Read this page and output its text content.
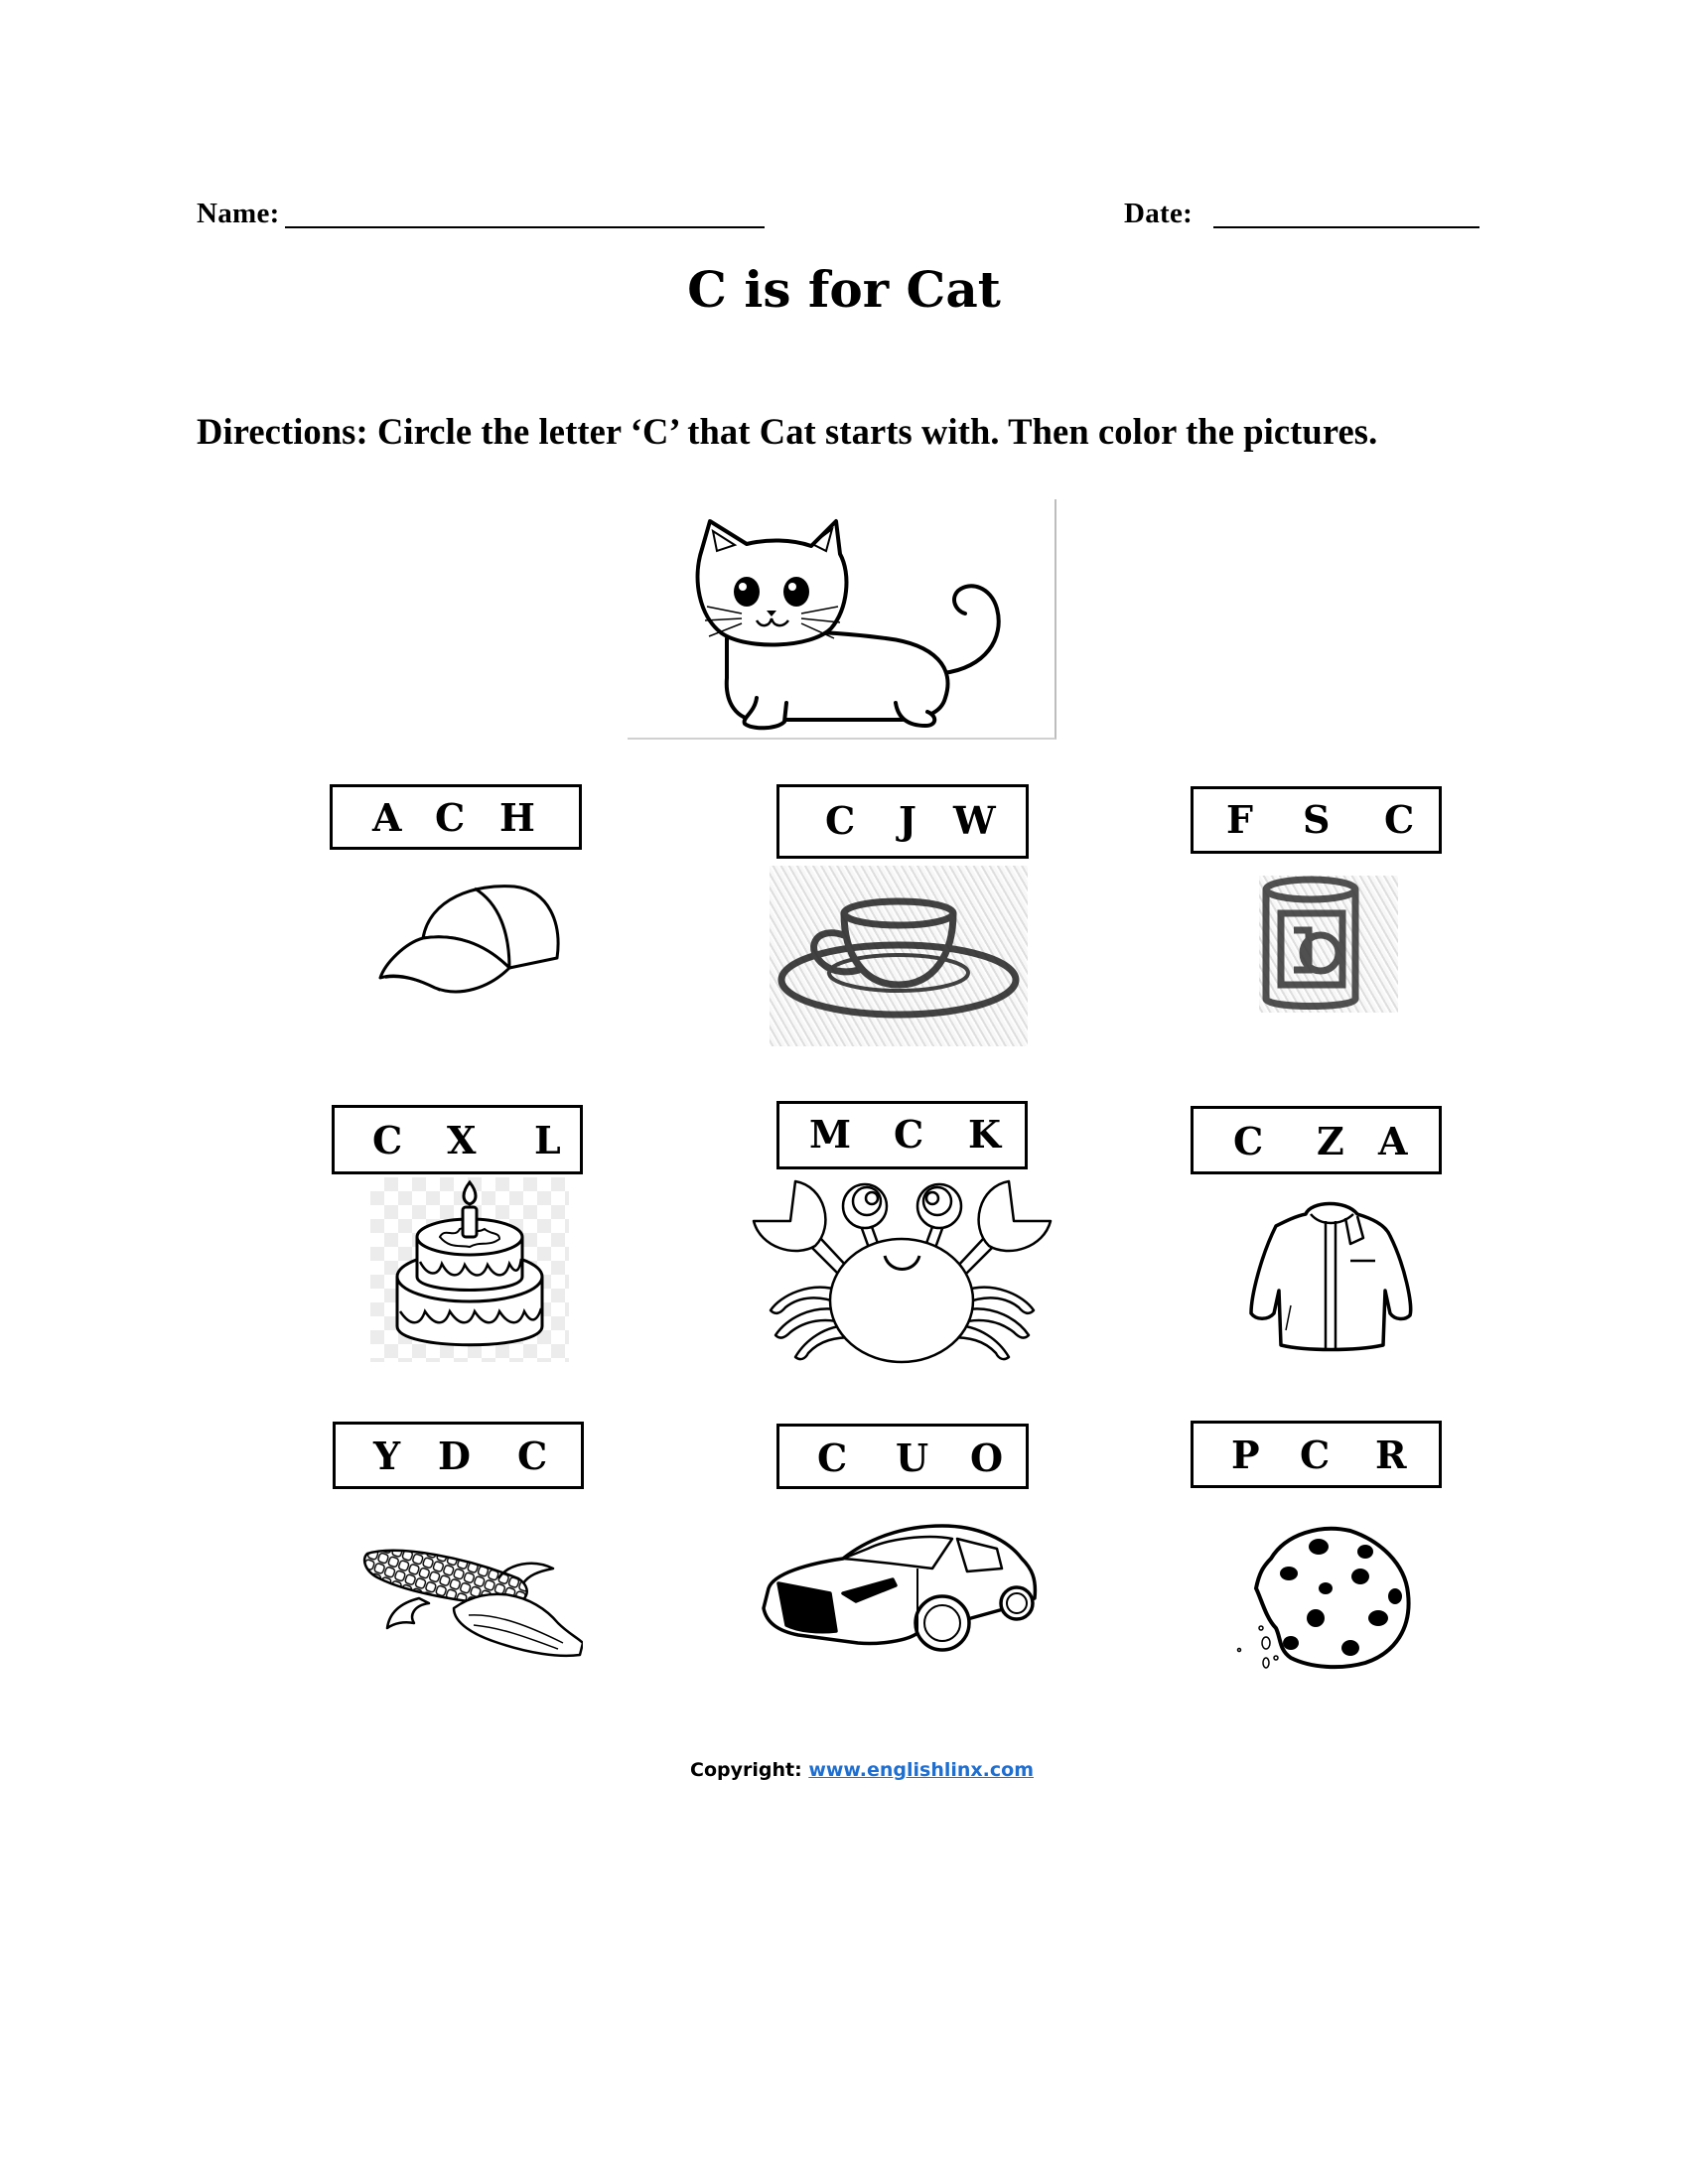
Name:	Date:
C is for Cat
Directions: Circle the letter ‘C’ that Cat starts with. Then color the pictures.
A C H	C J W	F S C
C X L	M C K	C Z A
Y D C	C U O	P C R
Copyright: www.englishlinx.com
